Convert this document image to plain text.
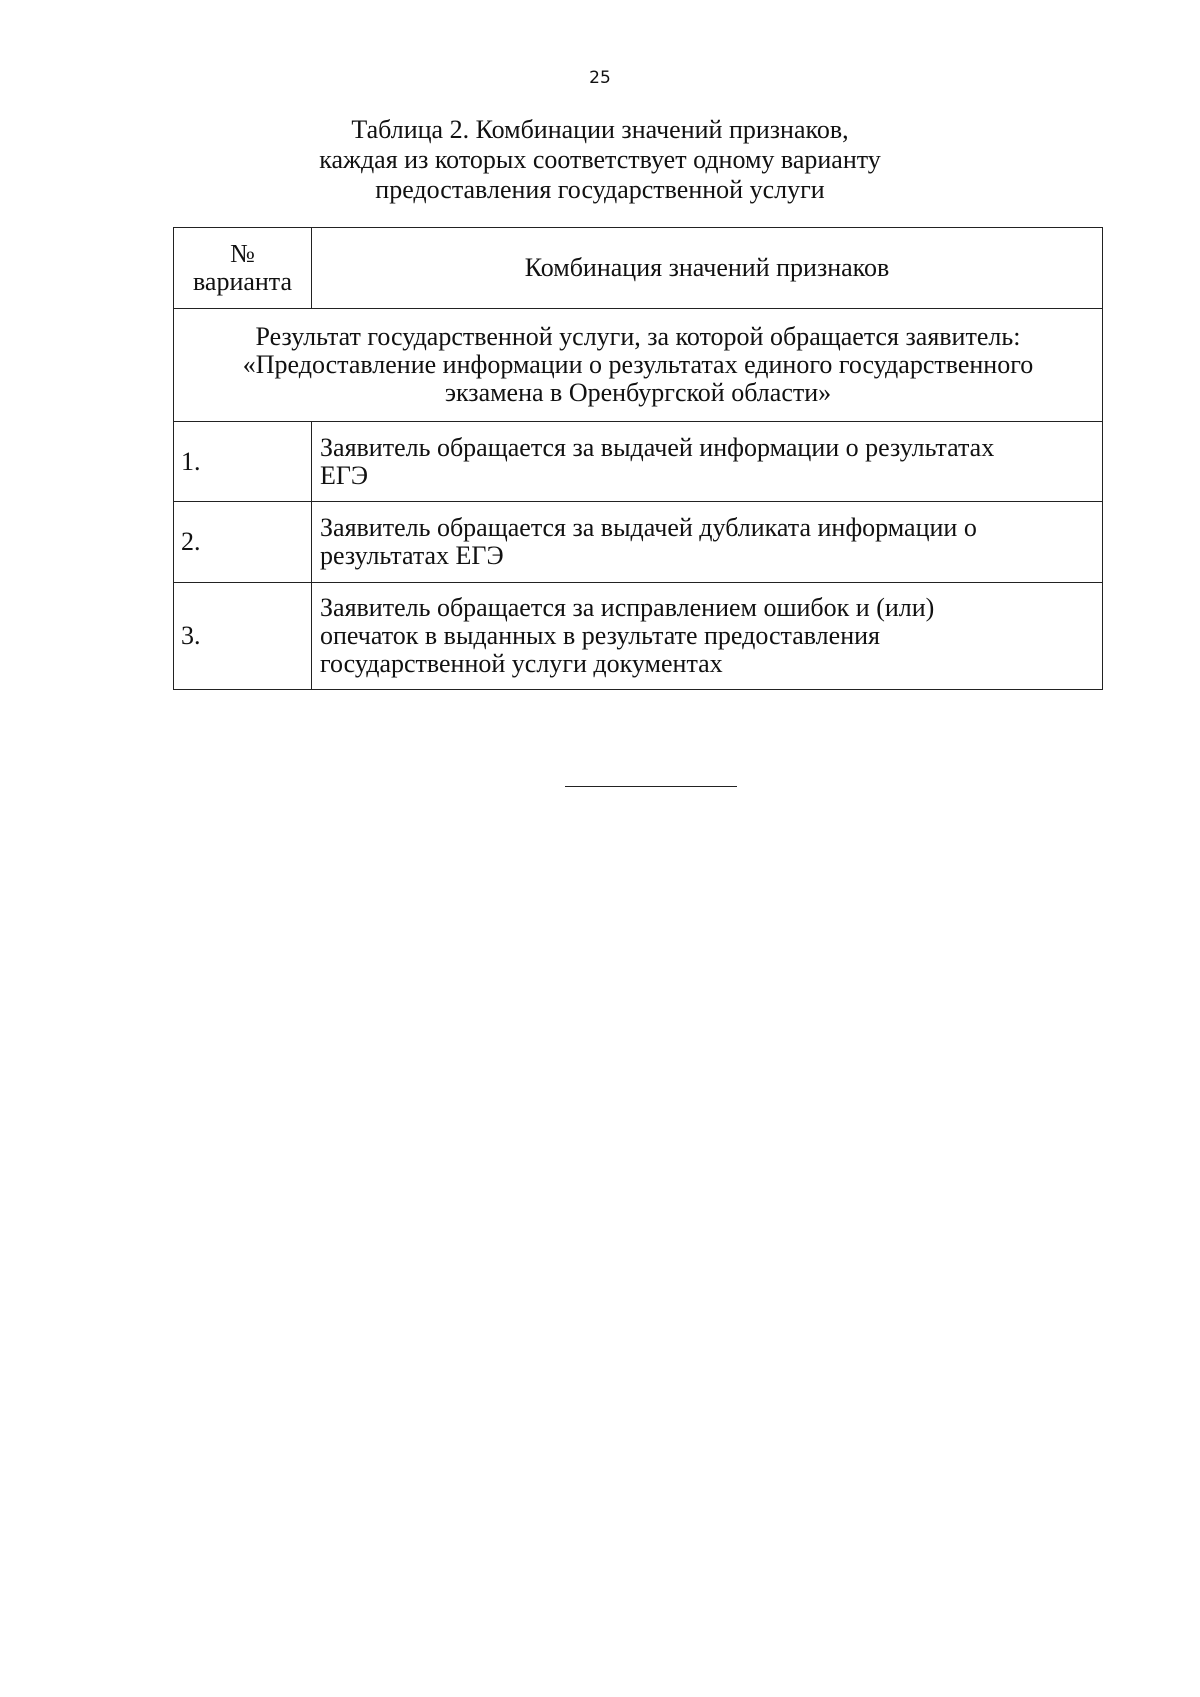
25
Таблица 2. Комбинации значений признаков,
каждая из которых соответствует одному варианту
предоставления государственной услуги
№
варианта	Комбинация значений признаков

Результат государственной услуги, за которой обращается заявитель:
«Предоставление информации о результатах единого государственного
экзамена в Оренбургской области»	

1.	Заявитель обращается за выдачей информации о результатах
ЕГЭ

2.	Заявитель обращается за выдачей дубликата информации о
результатах ЕГЭ

3.	Заявитель обращается за исправлением ошибок и (или)
опечаток в выданных в результате предоставления
государственной услуги документах
